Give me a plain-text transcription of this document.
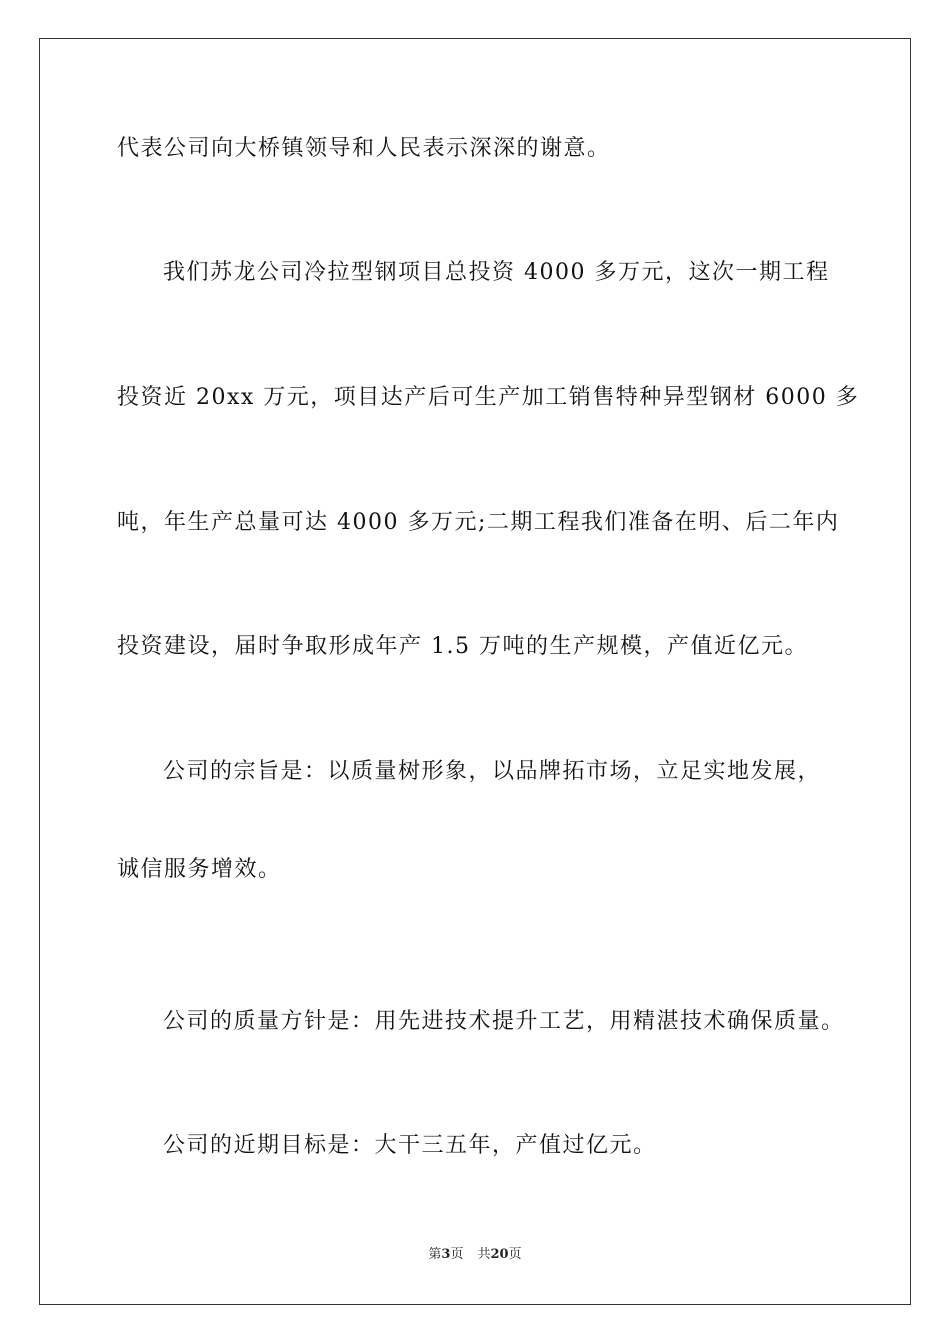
代表公司向大桥镇领导和人民表示深深的谢意。
我们苏龙公司冷拉型钢项目总投资 4000 多万元，这次一期工程
投资近 20xx 万元，项目达产后可生产加工销售特种异型钢材 6000 多
吨，年生产总量可达 4000 多万元;二期工程我们准备在明、后二年内
投资建设，届时争取形成年产 1.5 万吨的生产规模，产值近亿元。
公司的宗旨是：以质量树形象，以品牌拓市场，立足实地发展，
诚信服务增效。
公司的质量方针是：用先进技术提升工艺，用精湛技术确保质量。
公司的近期目标是：大干三五年，产值过亿元。
第3页 共20页
